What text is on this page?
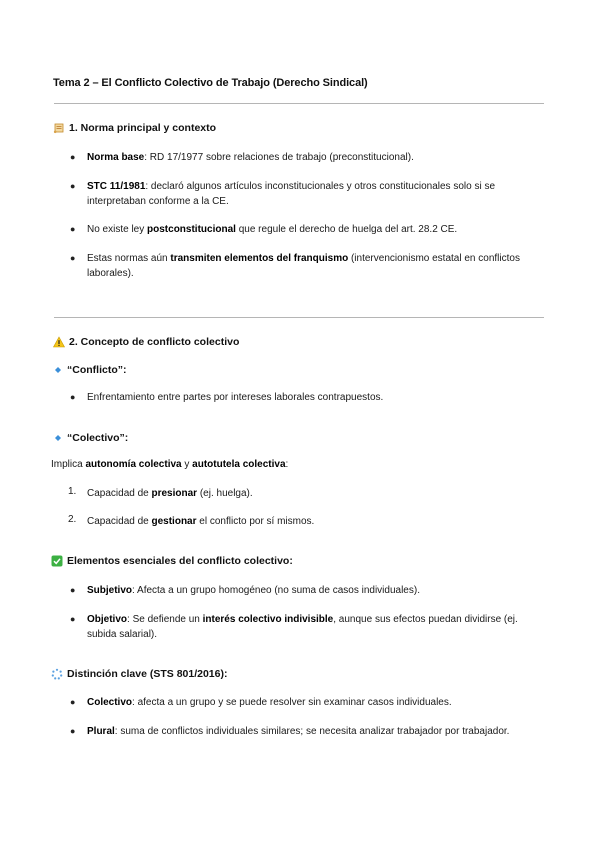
Tema 2 – El Conflicto Colectivo de Trabajo (Derecho Sindical)
1. Norma principal y contexto
● Norma base: RD 17/1977 sobre relaciones de trabajo (preconstitucional).
● STC 11/1981: declaró algunos artículos inconstitucionales y otros constitucionales solo si se interpretaban conforme a la CE.
● No existe ley postconstitucional que regule el derecho de huelga del art. 28.2 CE.
● Estas normas aún transmiten elementos del franquismo (intervencionismo estatal en conflictos laborales).
2. Concepto de conflicto colectivo
“Conflicto”:
● Enfrentamiento entre partes por intereses laborales contrapuestos.
“Colectivo”:
Implica autonomía colectiva y autotutela colectiva:
1. Capacidad de presionar (ej. huelga).
2. Capacidad de gestionar el conflicto por sí mismos.
Elementos esenciales del conflicto colectivo:
● Subjetivo: Afecta a un grupo homogéneo (no suma de casos individuales).
● Objetivo: Se defiende un interés colectivo indivisible, aunque sus efectos puedan dividirse (ej. subida salarial).
Distinción clave (STS 801/2016):
● Colectivo: afecta a un grupo y se puede resolver sin examinar casos individuales.
● Plural: suma de conflictos individuales similares; se necesita analizar trabajador por trabajador.
